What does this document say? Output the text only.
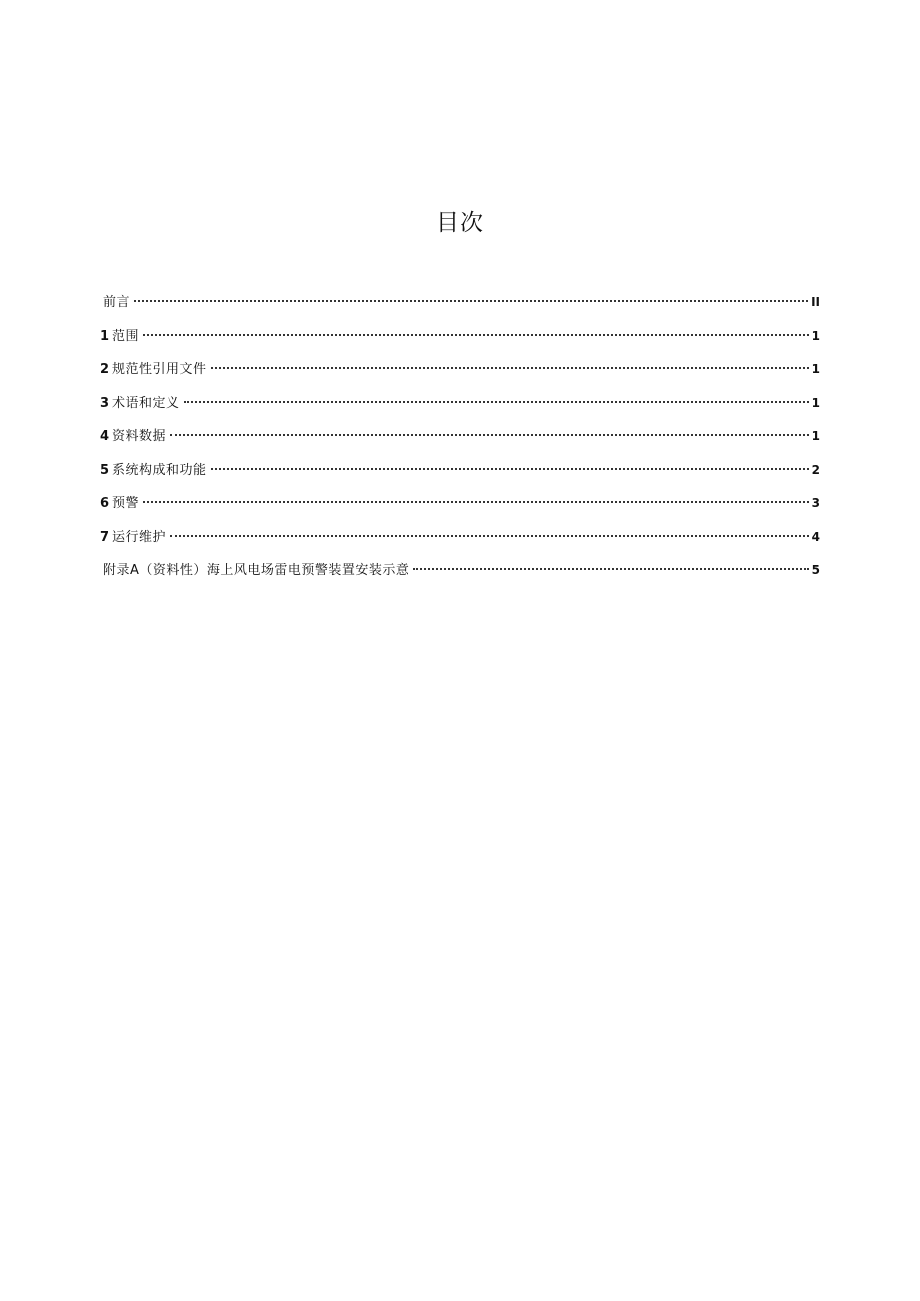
目次
前言	II
1 范围	1
2 规范性引用文件	1
3 术语和定义	1
4 资料数据	1
5 系统构成和功能	2
6 预警	3
7 运行维护	4
附录A（资料性）海上风电场雷电预警装置安装示意	5
